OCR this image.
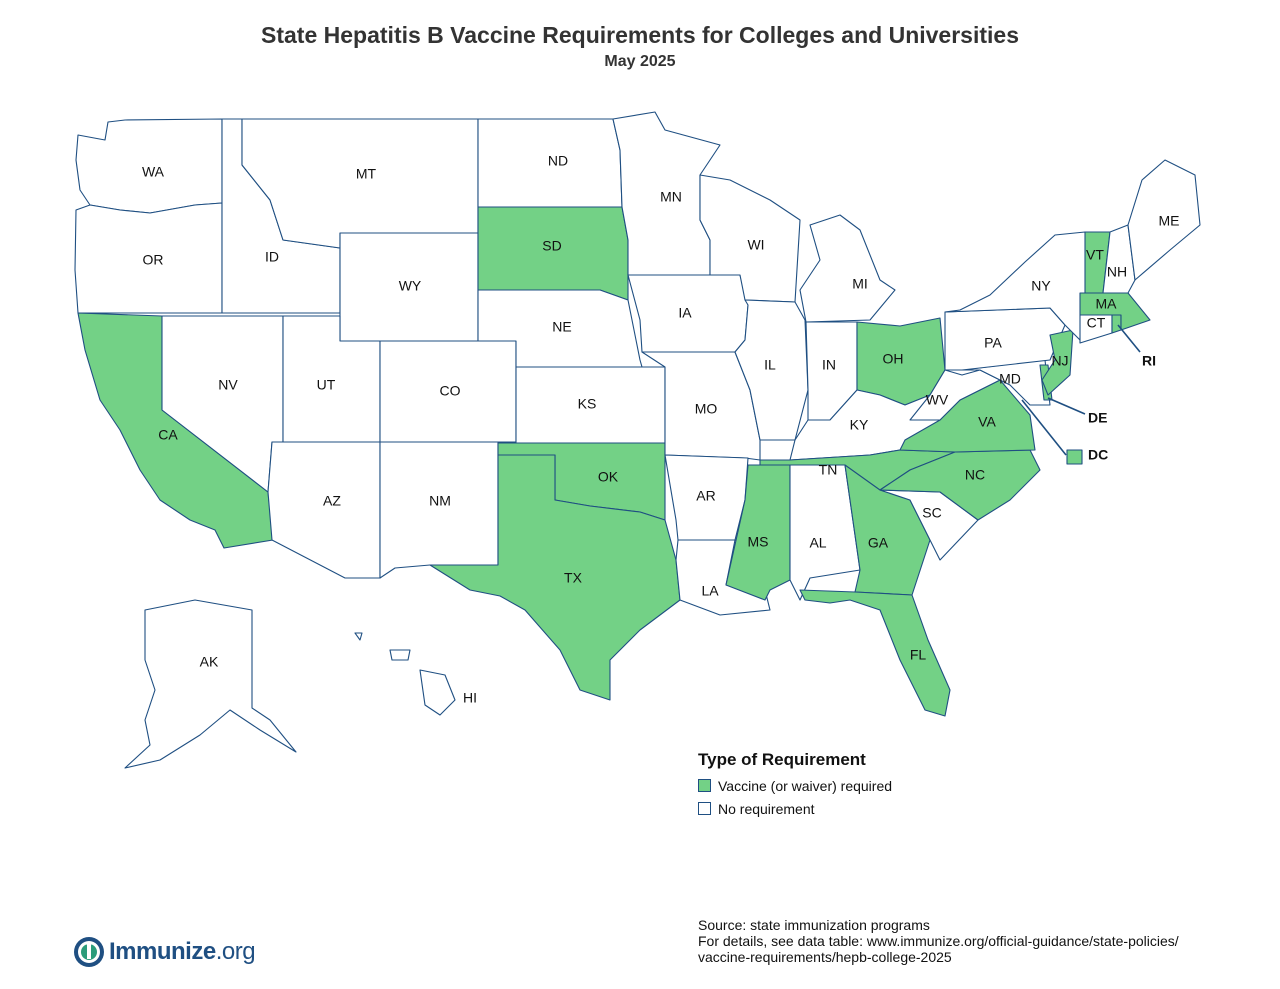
State Hepatitis B Vaccine Requirements for Colleges and Universities
May 2025
WA
OR
CA
ID
NV
MT
WY
UT
AZ
CO
NM
ND
SD
NE
KS
OK
TX
MN
IA
MO
AR
LA
WI
IL
MI
IN	OH
KY
TN
MS	AL	GA
FL
SC
NC
VA
WV
PA
NY
VT
NH
ME
MA
CT
NJ
MD
AK
HI
RI
DE
DC
Type of Requirement
Vaccine (or waiver) required
No requirement
Source: state immunization programs
For details, see data table: www.immunize.org/official-guidance/state-policies/
vaccine-requirements/hepb-college-2025
Immunize.org
